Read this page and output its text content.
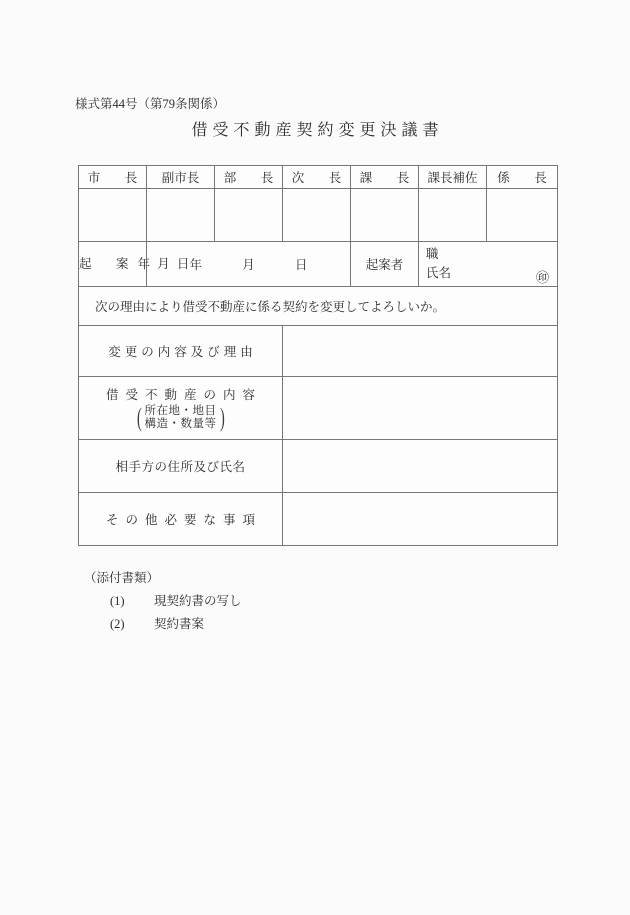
様式第44号（第79条関係）
借受不動産契約変更決議書
市　長	副市長	部　長	次　長	課　長	課長補佐	係　長

起　案 年 月 日	年 月 日			起案者	職
氏名 ㊞	

次の理由により借受不動産に係る契約を変更してよろしいか。						

変更の内容及び理由						

借受不動産の内容
( 所在地・地目
構造・数量等 )						

相手方の住所及び氏名						

その他必要な事項						

（添付書類）
(1) 現契約書の写し
(2) 契約書案
